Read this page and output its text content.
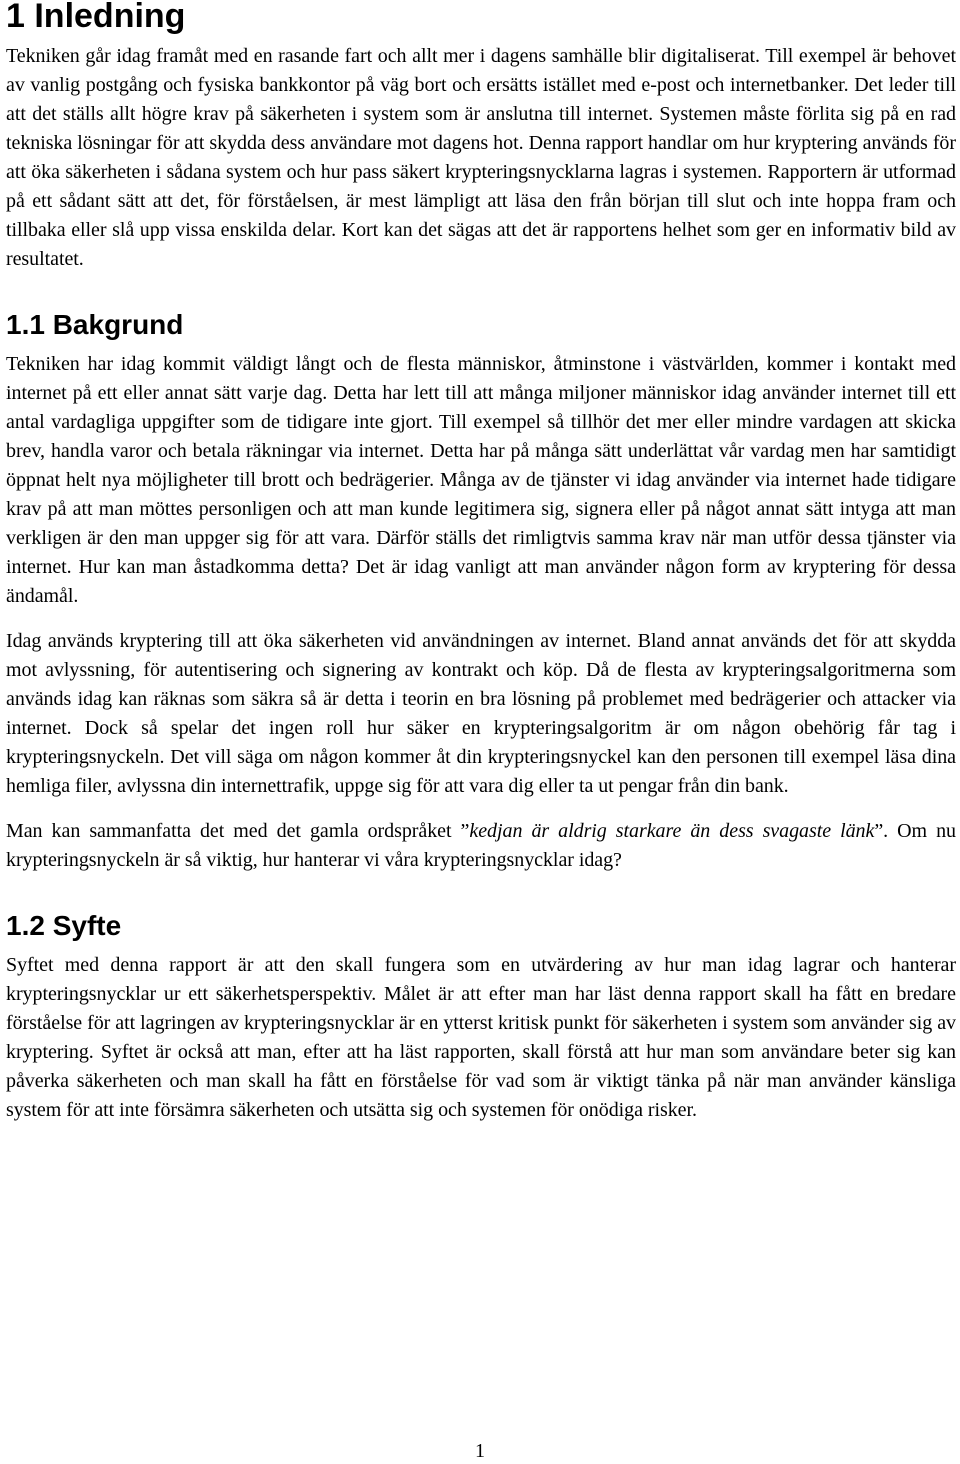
1 Inledning

Tekniken går idag framåt med en rasande fart och allt mer i dagens samhälle blir digitaliserat. Till exempel är behovet av vanlig postgång och fysiska bankkontor på väg bort och ersätts istället med e-post och internetbanker. Det leder till att det ställs allt högre krav på säkerheten i system som är anslutna till internet. Systemen måste förlita sig på en rad tekniska lösningar för att skydda dess användare mot dagens hot. Denna rapport handlar om hur kryptering används för att öka säkerheten i sådana system och hur pass säkert krypteringsnycklarna lagras i systemen. Rapportern är utformad på ett sådant sätt att det, för förståelsen, är mest lämpligt att läsa den från början till slut och inte hoppa fram och tillbaka eller slå upp vissa enskilda delar. Kort kan det sägas att det är rapportens helhet som ger en informativ bild av resultatet.

1.1 Bakgrund

Tekniken har idag kommit väldigt långt och de flesta människor, åtminstone i västvärlden, kommer i kontakt med internet på ett eller annat sätt varje dag. Detta har lett till att många miljoner människor idag använder internet till ett antal vardagliga uppgifter som de tidigare inte gjort. Till exempel så tillhör det mer eller mindre vardagen att skicka brev, handla varor och betala räkningar via internet. Detta har på många sätt underlättat vår vardag men har samtidigt öppnat helt nya möjligheter till brott och bedrägerier. Många av de tjänster vi idag använder via internet hade tidigare krav på att man möttes personligen och att man kunde legitimera sig, signera eller på något annat sätt intyga att man verkligen är den man uppger sig för att vara. Därför ställs det rimligtvis samma krav när man utför dessa tjänster via internet. Hur kan man åstadkomma detta? Det är idag vanligt att man använder någon form av kryptering för dessa ändamål.

Idag används kryptering till att öka säkerheten vid användningen av internet. Bland annat används det för att skydda mot avlyssning, för autentisering och signering av kontrakt och köp. Då de flesta av krypteringsalgoritmerna som används idag kan räknas som säkra så är detta i teorin en bra lösning på problemet med bedrägerier och attacker via internet. Dock så spelar det ingen roll hur säker en krypteringsalgoritm är om någon obehörig får tag i krypteringsnyckeln. Det vill säga om någon kommer åt din krypteringsnyckel kan den personen till exempel läsa dina hemliga filer, avlyssna din internettrafik, uppge sig för att vara dig eller ta ut pengar från din bank.

Man kan sammanfatta det med det gamla ordspråket ”kedjan är aldrig starkare än dess svagaste länk”. Om nu krypteringsnyckeln är så viktig, hur hanterar vi våra krypteringsnycklar idag?

1.2 Syfte

Syftet med denna rapport är att den skall fungera som en utvärdering av hur man idag lagrar och hanterar krypteringsnycklar ur ett säkerhetsperspektiv. Målet är att efter man har läst denna rapport skall ha fått en bredare förståelse för att lagringen av krypteringsnycklar är en ytterst kritisk punkt för säkerheten i system som använder sig av kryptering. Syftet är också att man, efter att ha läst rapporten, skall förstå att hur man som användare beter sig kan påverka säkerheten och man skall ha fått en förståelse för vad som är viktigt tänka på när man använder känsliga system för att inte försämra säkerheten och utsätta sig och systemen för onödiga risker.

1
